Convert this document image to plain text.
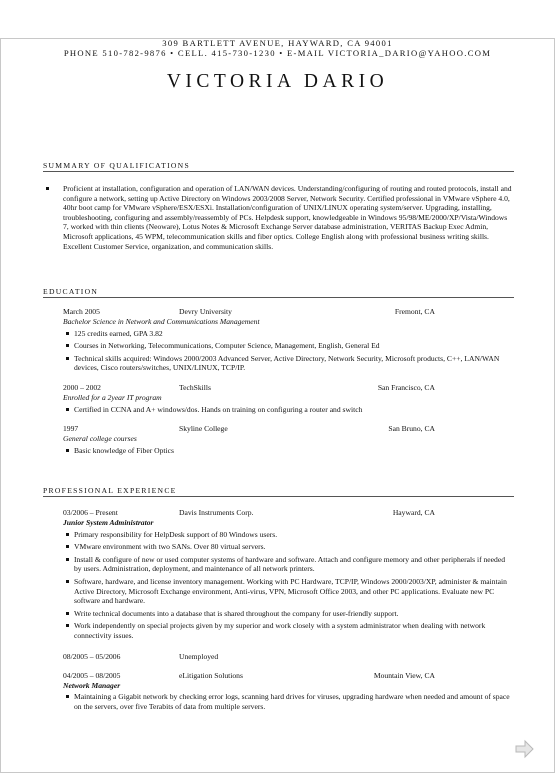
309 BARTLETT AVENUE, HAYWARD, CA 94001
PHONE 510-782-9876 • CELL. 415-730-1230 • E-MAIL VICTORIA_DARIO@YAHOO.COM
VICTORIA DARIO
SUMMARY OF QUALIFICATIONS
Proficient at installation, configuration and operation of LAN/WAN devices. Understanding/configuring of routing and routed protocols, install and configure a network, setting up Active Directory on Windows 2003/2008 Server, Network Security. Certified professional in VMware vSphere 4.0, 40hr boot camp for VMware vSphere/ESX/ESXi. Installation/configuration of UNIX/LINUX operating system/server. Upgrading, installing, troubleshooting, configuring and assembly/reassembly of PCs. Helpdesk support, knowledgeable in Windows 95/98/ME/2000/XP/Vista/Windows 7, worked with thin clients (Neoware), Lotus Notes & Microsoft Exchange Server database administration, VERITAS Backup Exec Admin, Microsoft applications, 45 WPM, telecommunication skills and fiber optics. College English along with professional business writing skills. Excellent Customer Service, organization, and communication skills.
EDUCATION
March 2005	Devry University	Fremont, CA
Bachelor Science in Network and Communications Management
125 credits earned, GPA 3.82
Courses in Networking, Telecommunications, Computer Science, Management, English, General Ed
Technical skills acquired: Windows 2000/2003 Advanced Server, Active Directory, Network Security, Microsoft products, C++, LAN/WAN devices, Cisco routers/switches, UNIX/LINUX, TCP/IP.
2000 – 2002	TechSkills	San Francisco, CA
Enrolled for a 2year IT program
Certified in CCNA and A+ windows/dos. Hands on training on configuring a router and switch
1997	Skyline College	San Bruno, CA
General college courses
Basic knowledge of Fiber Optics
PROFESSIONAL EXPERIENCE
03/2006 – Present	Davis Instruments Corp.	Hayward, CA
Junior System Administrator
Primary responsibility for HelpDesk support of 80 Windows users.
VMware environment with two SANs. Over 80 virtual servers.
Install & configure of new or used computer systems of hardware and software. Attach and configure memory and other peripherals if needed by users. Administration, deployment, and maintenance of all network printers.
Software, hardware, and license inventory management. Working with PC Hardware, TCP/IP, Windows 2000/2003/XP, administer & maintain Active Directory, Microsoft Exchange environment, Anti-virus, VPN, Microsoft Office 2003, and other PC applications. Evaluate new PC software and hardware.
Write technical documents into a database that is shared throughout the company for user-friendly support.
Work independently on special projects given by my superior and work closely with a system administrator when dealing with network connectivity issues.
08/2005 – 05/2006	Unemployed
04/2005 – 08/2005	eLitigation Solutions	Mountain View, CA
Network Manager
Maintaining a Gigabit network by checking error logs, scanning hard drives for viruses, upgrading hardware when needed and amount of space on the servers, over five Terabits of data from multiple servers.
